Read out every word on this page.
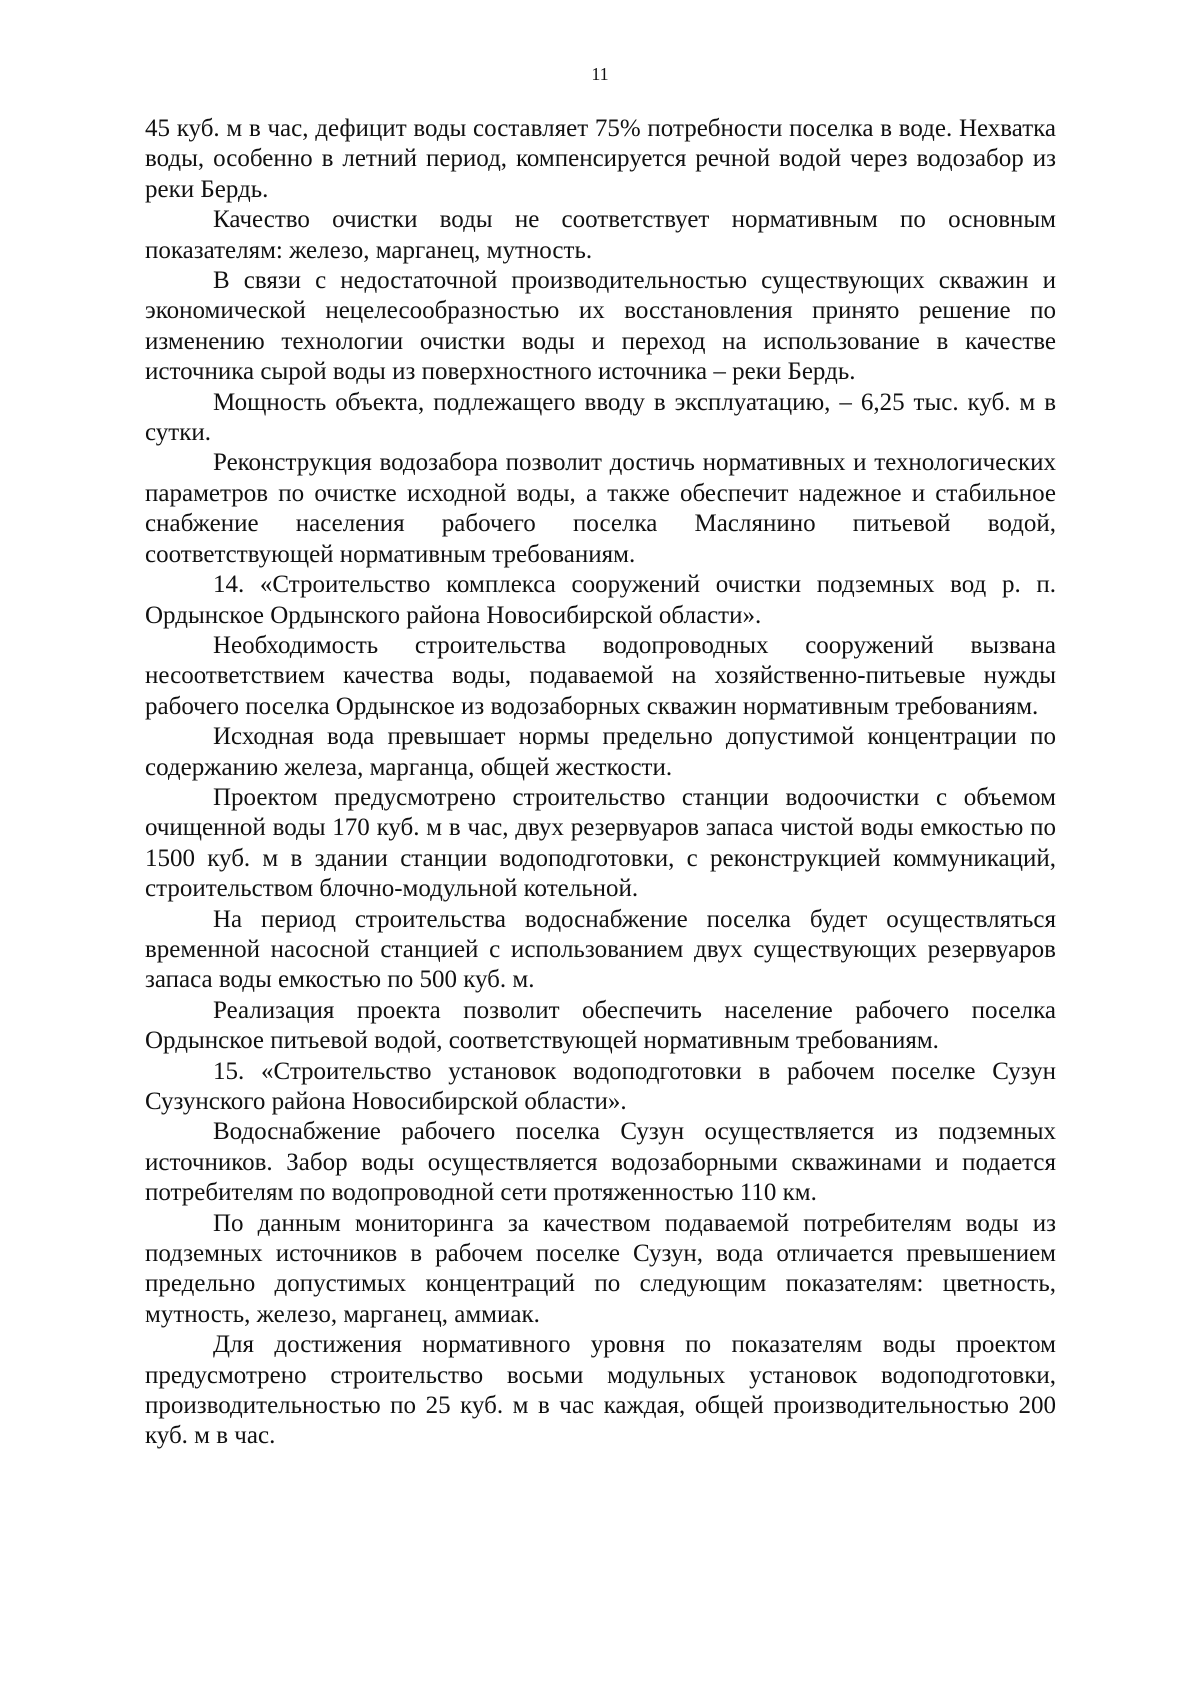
11

45 куб. м в час, дефицит воды составляет 75% потребности поселка в воде. Нехватка воды, особенно в летний период, компенсируется речной водой через водозабор из реки Бердь.

Качество очистки воды не соответствует нормативным по основным показателям: железо, марганец, мутность.

В связи с недостаточной производительностью существующих скважин и экономической нецелесообразностью их восстановления принято решение по изменению технологии очистки воды и переход на использование в качестве источника сырой воды из поверхностного источника – реки Бердь.

Мощность объекта, подлежащего вводу в эксплуатацию, – 6,25 тыс. куб. м в сутки.

Реконструкция водозабора позволит достичь нормативных и технологических параметров по очистке исходной воды, а также обеспечит надежное и стабильное снабжение населения рабочего поселка Маслянино питьевой водой, соответствующей нормативным требованиям.

14. «Строительство комплекса сооружений очистки подземных вод р. п. Ордынское Ордынского района Новосибирской области».

Необходимость строительства водопроводных сооружений вызвана несоответствием качества воды, подаваемой на хозяйственно-питьевые нужды рабочего поселка Ордынское из водозаборных скважин нормативным требованиям.

Исходная вода превышает нормы предельно допустимой концентрации по содержанию железа, марганца, общей жесткости.

Проектом предусмотрено строительство станции водоочистки с объемом очищенной воды 170 куб. м в час, двух резервуаров запаса чистой воды емкостью по 1500 куб. м в здании станции водоподготовки, с реконструкцией коммуникаций, строительством блочно-модульной котельной.

На период строительства водоснабжение поселка будет осуществляться временной насосной станцией с использованием двух существующих резервуаров запаса воды емкостью по 500 куб. м.

Реализация проекта позволит обеспечить население рабочего поселка Ордынское питьевой водой, соответствующей нормативным требованиям.

15. «Строительство установок водоподготовки в рабочем поселке Сузун Сузунского района Новосибирской области».

Водоснабжение рабочего поселка Сузун осуществляется из подземных источников. Забор воды осуществляется водозаборными скважинами и подается потребителям по водопроводной сети протяженностью 110 км.

По данным мониторинга за качеством подаваемой потребителям воды из подземных источников в рабочем поселке Сузун, вода отличается превышением предельно допустимых концентраций по следующим показателям: цветность, мутность, железо, марганец, аммиак.

Для достижения нормативного уровня по показателям воды проектом предусмотрено строительство восьми модульных установок водоподготовки, производительностью по 25 куб. м в час каждая, общей производительностью 200 куб. м в час.
